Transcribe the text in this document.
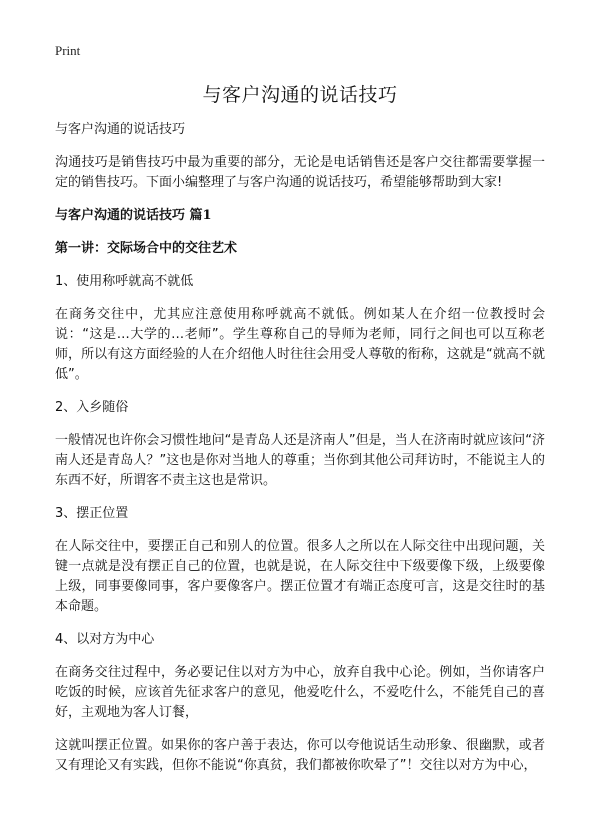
Print
与客户沟通的说话技巧

与客户沟通的说话技巧

沟通技巧是销售技巧中最为重要的部分，无论是电话销售还是客户交往都需要掌握一定的销售技巧。下面小编整理了与客户沟通的说话技巧，希望能够帮助到大家!

与客户沟通的说话技巧 篇1

第一讲：交际场合中的交往艺术

1、使用称呼就高不就低

在商务交往中，尤其应注意使用称呼就高不就低。例如某人在介绍一位教授时会说：“这是…大学的…老师”。学生尊称自己的导师为老师，同行之间也可以互称老师，所以有这方面经验的人在介绍他人时往往会用受人尊敬的衔称，这就是“就高不就低”。

2、入乡随俗

一般情况也许你会习惯性地问“是青岛人还是济南人”但是，当人在济南时就应该问“济南人还是青岛人？”这也是你对当地人的尊重；当你到其他公司拜访时，不能说主人的东西不好，所谓客不责主这也是常识。

3、摆正位置

在人际交往中，要摆正自己和别人的位置。很多人之所以在人际交往中出现问题，关键一点就是没有摆正自己的位置，也就是说，在人际交往中下级要像下级，上级要像上级，同事要像同事，客户要像客户。摆正位置才有端正态度可言，这是交往时的基本命题。

4、以对方为中心

在商务交往过程中，务必要记住以对方为中心，放弃自我中心论。例如，当你请客户吃饭的时候，应该首先征求客户的意见，他爱吃什么，不爱吃什么，不能凭自己的喜好，主观地为客人订餐，

这就叫摆正位置。如果你的客户善于表达，你可以夸他说话生动形象、很幽默，或者又有理论又有实践，但你不能说“你真贫，我们都被你吹晕了”！交往以对方为中心，
